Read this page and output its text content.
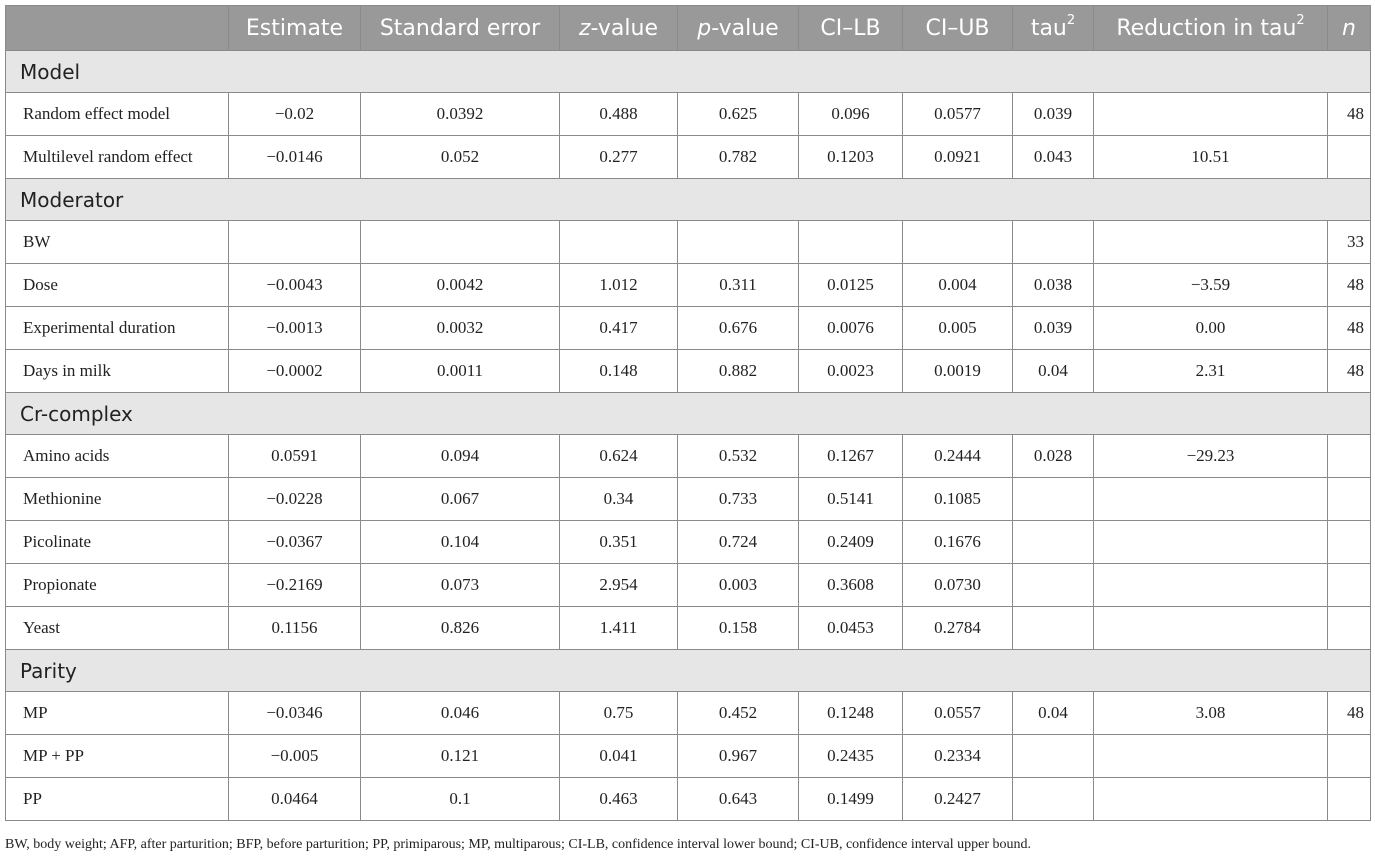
	Estimate	Standard error	z-value	p-value	CI–LB	CI–UB	tau$^2$	Reduction in tau$^2$	n
Model									
Random effect model	−0.02	0.0392	0.488	0.625	0.096	0.0577	0.039		48
Multilevel random effect	−0.0146	0.052	0.277	0.782	0.1203	0.0921	0.043	10.51	
Moderator									
BW									33
Dose	−0.0043	0.0042	1.012	0.311	0.0125	0.004	0.038	−3.59	48
Experimental duration	−0.0013	0.0032	0.417	0.676	0.0076	0.005	0.039	0.00	48
Days in milk	−0.0002	0.0011	0.148	0.882	0.0023	0.0019	0.04	2.31	48
Cr-complex									
Amino acids	0.0591	0.094	0.624	0.532	0.1267	0.2444	0.028	−29.23	
Methionine	−0.0228	0.067	0.34	0.733	0.5141	0.1085			
Picolinate	−0.0367	0.104	0.351	0.724	0.2409	0.1676			
Propionate	−0.2169	0.073	2.954	0.003	0.3608	0.0730			
Yeast	0.1156	0.826	1.411	0.158	0.0453	0.2784			
Parity									
MP	−0.0346	0.046	0.75	0.452	0.1248	0.0557	0.04	3.08	48
MP + PP	−0.005	0.121	0.041	0.967	0.2435	0.2334			
PP	0.0464	0.1	0.463	0.643	0.1499	0.2427			
BW, body weight; AFP, after parturition; BFP, before parturition; PP, primiparous; MP, multiparous; CI-LB, confidence interval lower bound; CI-UB, confidence interval upper bound.
